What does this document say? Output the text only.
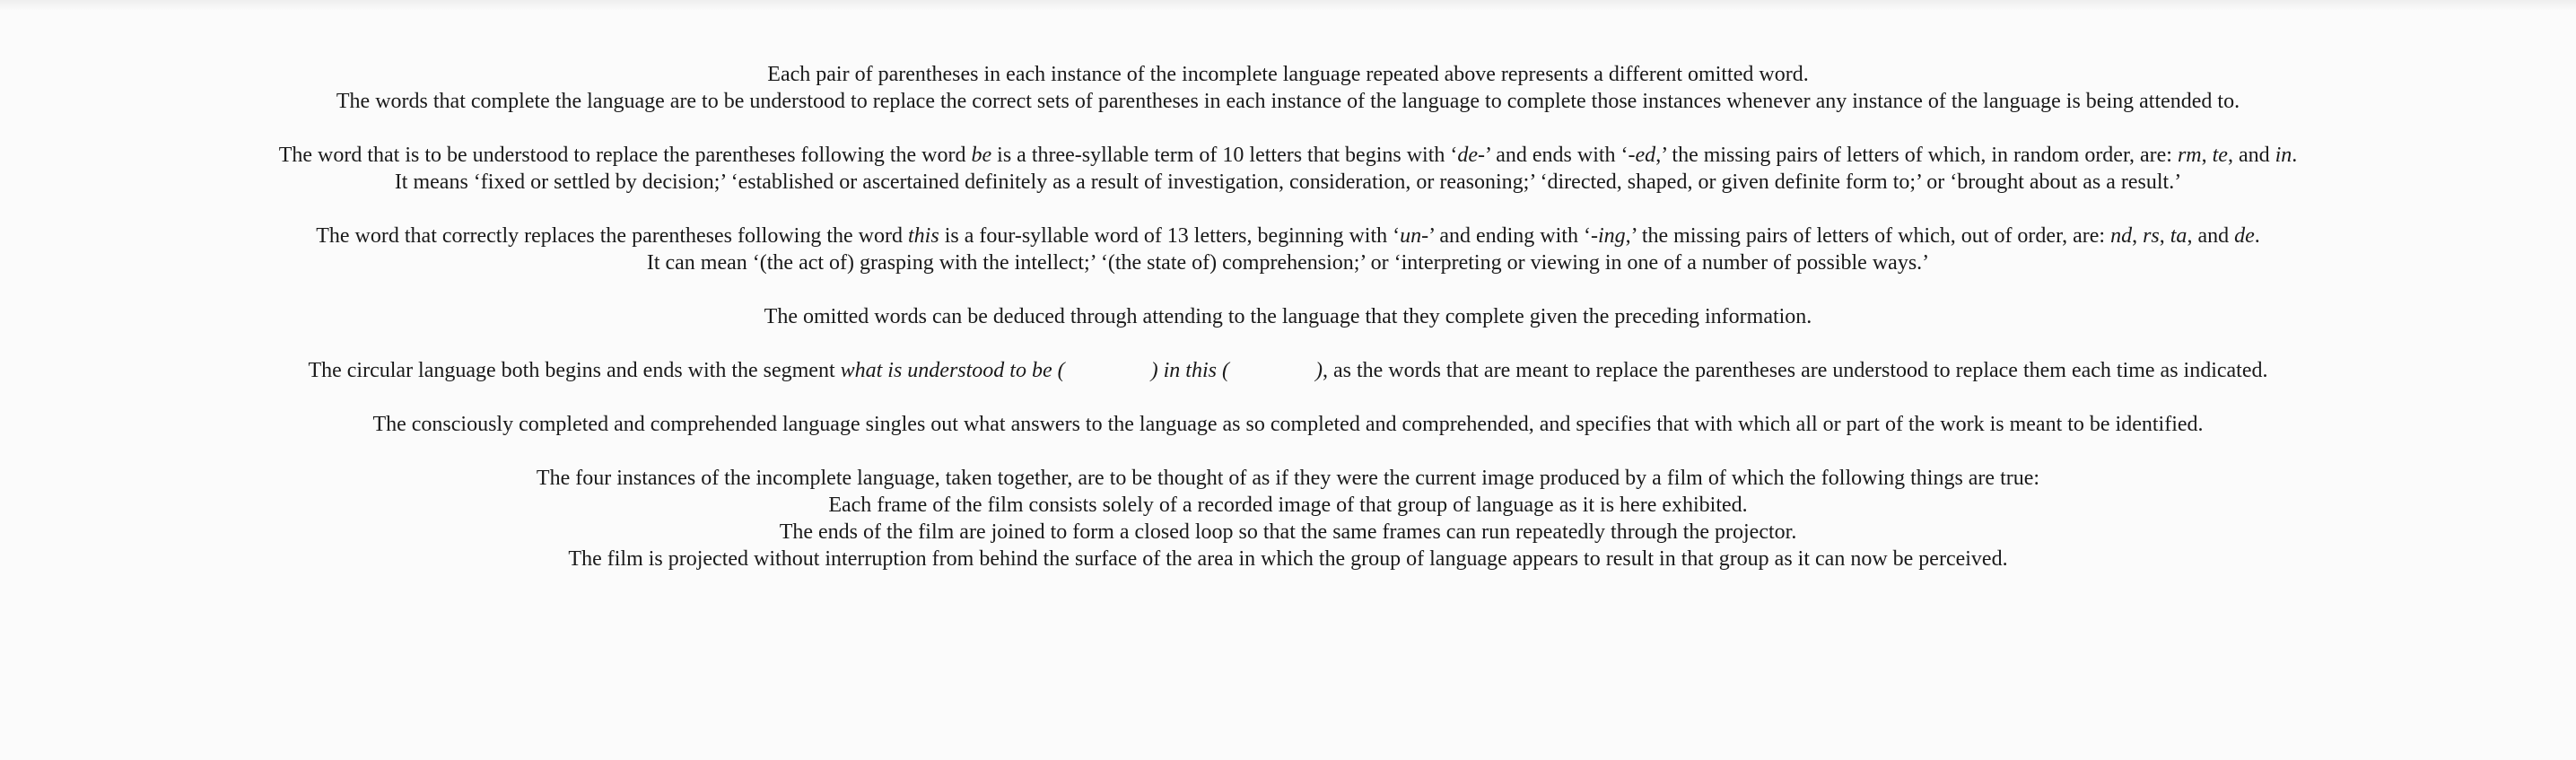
Each pair of parentheses in each instance of the incomplete language repeated above represents a different omitted word.
The words that complete the language are to be understood to replace the correct sets of parentheses in each instance of the language to complete those instances whenever any instance of the language is being attended to.

The word that is to be understood to replace the parentheses following the word be is a three-syllable term of 10 letters that begins with ‘de-’ and ends with ‘-ed,’ the missing pairs of letters of which, in random order, are: rm, te, and in.
It means ‘fixed or settled by decision;’ ‘established or ascertained definitely as a result of investigation, consideration, or reasoning;’ ‘directed, shaped, or given definite form to;’ or ‘brought about as a result.’

The word that correctly replaces the parentheses following the word this is a four-syllable word of 13 letters, beginning with ‘un-’ and ending with ‘-ing,’ the missing pairs of letters of which, out of order, are: nd, rs, ta, and de.
It can mean ‘(the act of) grasping with the intellect;’ ‘(the state of) comprehension;’ or ‘interpreting or viewing in one of a number of possible ways.’

The omitted words can be deduced through attending to the language that they complete given the preceding information.

The circular language both begins and ends with the segment what is understood to be (	) in this (	), as the words that are meant to replace the parentheses are understood to replace them each time as indicated.

The consciously completed and comprehended language singles out what answers to the language as so completed and comprehended, and specifies that with which all or part of the work is meant to be identified.

The four instances of the incomplete language, taken together, are to be thought of as if they were the current image produced by a film of which the following things are true:
Each frame of the film consists solely of a recorded image of that group of language as it is here exhibited.
The ends of the film are joined to form a closed loop so that the same frames can run repeatedly through the projector.
The film is projected without interruption from behind the surface of the area in which the group of language appears to result in that group as it can now be perceived.
